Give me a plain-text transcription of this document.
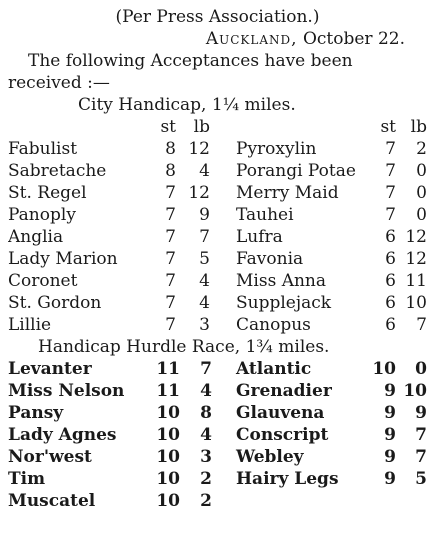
(Per Press Association.)
Auckland, October 22.
The following Acceptances have been
received :—
City Handicap, 1¼ miles.
	st	lb		st	lb
Fabulist	8	12	Pyroxylin	7	2
Sabretache	8	4	Porangi Potae	7	0
St. Regel	7	12	Merry Maid	7	0
Panoply	7	9	Tauhei	7	0
Anglia	7	7	Lufra	6	12
Lady Marion	7	5	Favonia	6	12
Coronet	7	4	Miss Anna	6	11
St. Gordon	7	4	Supplejack	6	10
Lillie	7	3	Canopus	6	7
Handicap Hurdle Race, 1¾ miles.
Levanter	11	7	Atlantic	10	0
Miss Nelson	11	4	Grenadier	9	10
Pansy	10	8	Glauvena	9	9
Lady Agnes	10	4	Conscript	9	7
Nor'west	10	3	Webley	9	7
Tim	10	2	Hairy Legs	9	5
Muscatel	10	2			
